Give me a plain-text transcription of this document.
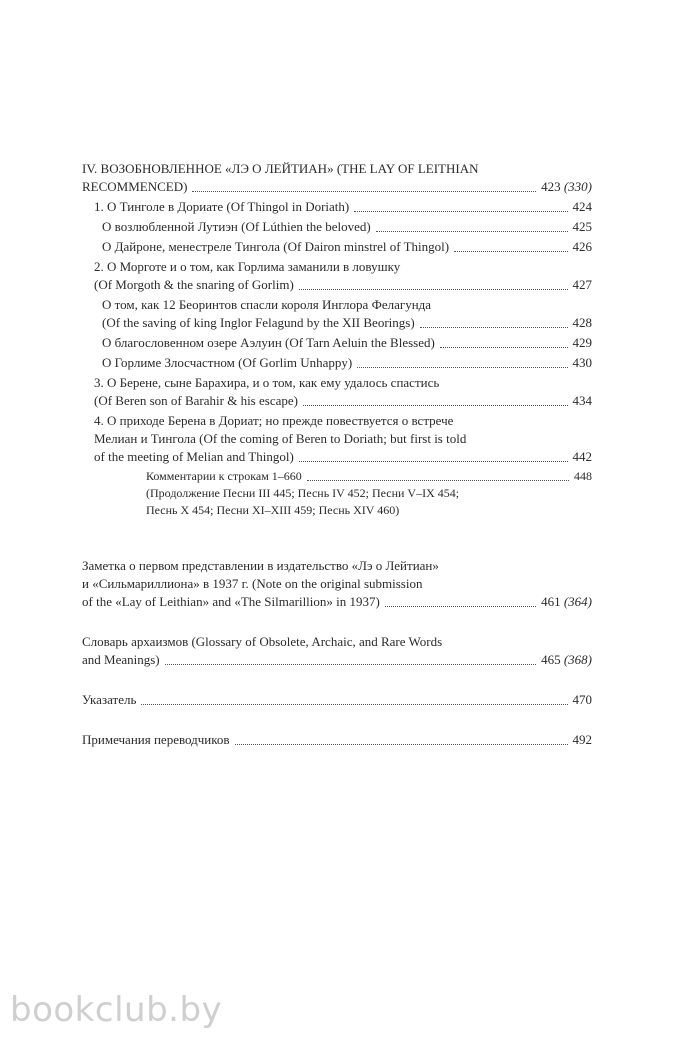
IV. ВОЗОБНОВЛЕННОЕ «ЛЭ О ЛЕЙТИАН» (THE LAY OF LEITHIAN
RECOMMENCED)	423 (330)
1. О Тинголе в Дориате (Of Thingol in Doriath)	424
О возлюбленной Лутиэн (Of Lúthien the beloved)	425
О Дайроне, менестреле Тингола (Of Dairon minstrel of Thingol)	426
2. О Морготе и о том, как Горлима заманили в ловушку
(Of Morgoth & the snaring of Gorlim)	427
О том, как 12 Беоринтов спасли короля Инглора Фелагунда
(Of the saving of king Inglor Felagund by the XII Beorings)	428
О благословенном озере Аэлуин (Of Tarn Aeluin the Blessed)	429
О Горлиме Злосчастном (Of Gorlim Unhappy)	430
3. О Берене, сыне Барахира, и о том, как ему удалось спастись
(Of Beren son of Barahir & his escape)	434
4. О приходе Берена в Дориат; но прежде повествуется о встрече
Мелиан и Тингола (Of the coming of Beren to Doriath; but first is told
of the meeting of Melian and Thingol)	442
Комментарии к строкам 1–660	448
(Продолжение Песни III 445; Песнь IV 452; Песни V–IX 454;
Песнь X 454; Песни XI–XIII 459; Песнь XIV 460)
Заметка о первом представлении в издательство «Лэ о Лейтиан»
и «Сильмариллиона» в 1937 г. (Note on the original submission
of the «Lay of Leithian» and «The Silmarillion» in 1937)	461 (364)
Словарь архаизмов (Glossary of Obsolete, Archaic, and Rare Words
and Meanings)	465 (368)
Указатель	470
Примечания переводчиков	492
bookclub.by
